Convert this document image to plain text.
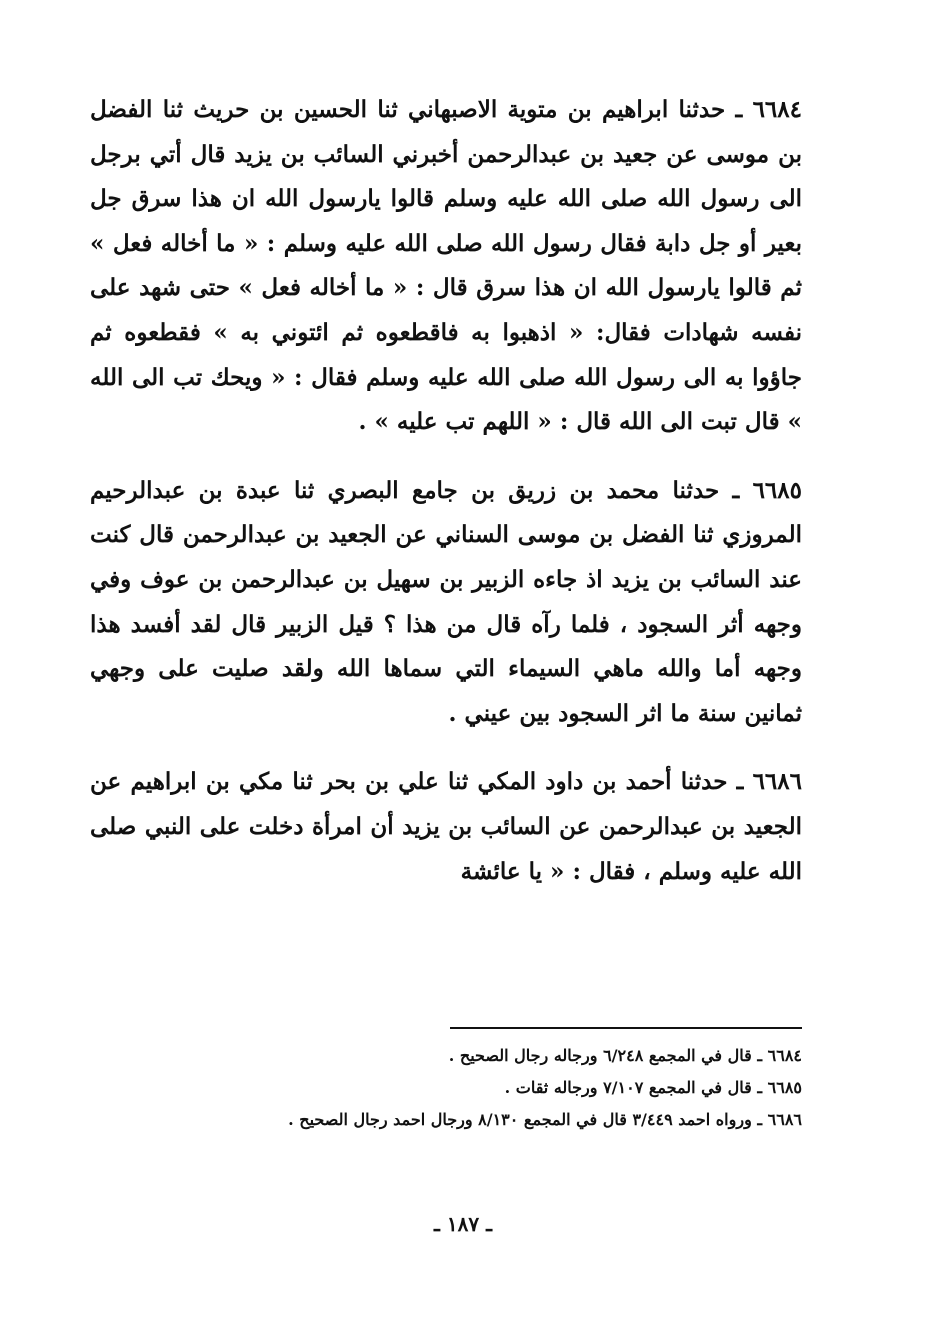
٦٦٨٤ ـ حدثنا ابراهيم بن متوية الاصبهاني ثنا الحسين بن حريث ثنا الفضل بن موسى عن جعيد بن عبدالرحمن أخبرني السائب بن يزيد قال أتي برجل الى رسول الله صلى الله عليه وسلم قالوا يارسول الله ان هذا سرق جل بعير أو جل دابة فقال رسول الله صلى الله عليه وسلم : « ما أخاله فعل » ثم قالوا يارسول الله ان هذا سرق قال : « ما أخاله فعل » حتى شهد على نفسه شهادات فقال: « اذهبوا به فاقطعوه ثم ائتوني به » فقطعوه ثم جاؤوا به الى رسول الله صلى الله عليه وسلم فقال : « ويحك تب الى الله » قال تبت الى الله قال : « اللهم تب عليه » .

٦٦٨٥ ـ حدثنا محمد بن زريق بن جامع البصري ثنا عبدة بن عبدالرحيم المروزي ثنا الفضل بن موسى السناني عن الجعيد بن عبدالرحمن قال كنت عند السائب بن يزيد اذ جاءه الزبير بن سهيل بن عبدالرحمن بن عوف وفي وجهه أثر السجود ، فلما رآه قال من هذا ؟ قيل الزبير قال لقد أفسد هذا وجهه أما والله ماهي السيماء التي سماها الله ولقد صليت على وجهي ثمانين سنة ما اثر السجود بين عيني .

٦٦٨٦ ـ حدثنا أحمد بن داود المكي ثنا علي بن بحر ثنا مكي بن ابراهيم عن الجعيد بن عبدالرحمن عن السائب بن يزيد أن امرأة دخلت على النبي صلى الله عليه وسلم ، فقال : « يا عائشة

٦٦٨٤ ـ قال في المجمع ٦/٢٤٨ ورجاله رجال الصحيح .

٦٦٨٥ ـ قال في المجمع ٧/١٠٧ ورجاله ثقات .

٦٦٨٦ ـ ورواه احمد ٣/٤٤٩ قال في المجمع ٨/١٣٠ ورجال احمد رجال الصحيح .

ـ ١٨٧ ـ
